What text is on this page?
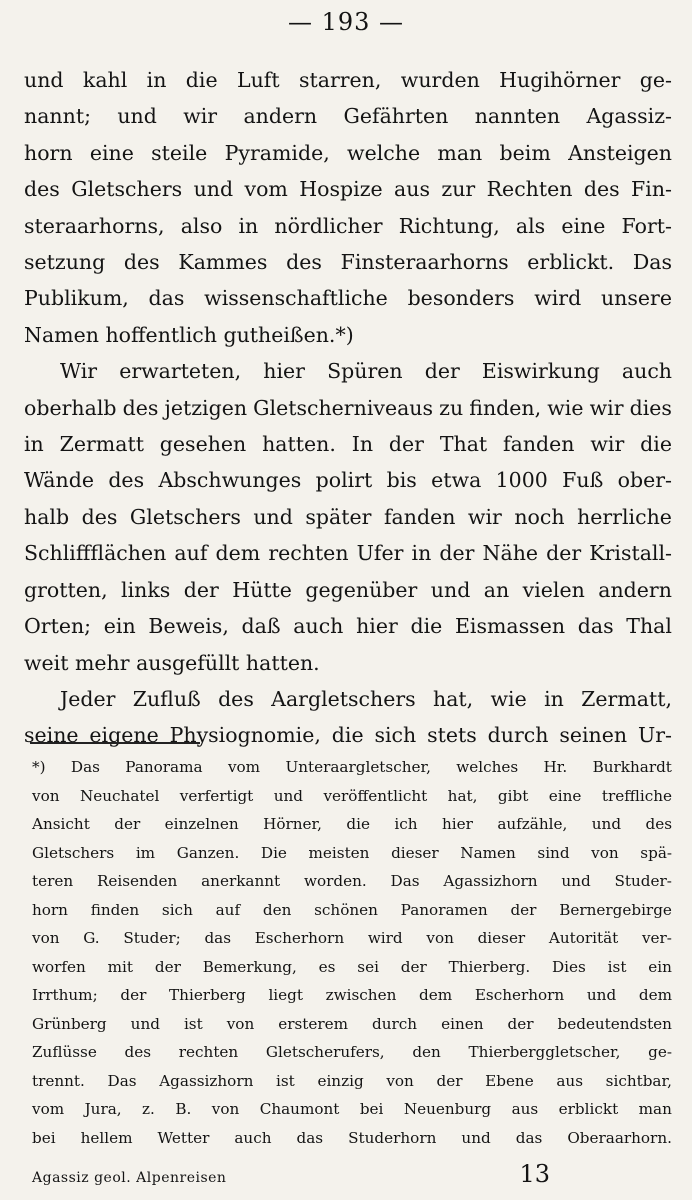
— 193 —
und kahl in die Luft starren, wurden Hugihörner ge-
nannt; und wir andern Gefährten nannten Agassiz-
horn eine steile Pyramide, welche man beim Ansteigen
des Gletschers und vom Hospize aus zur Rechten des Fin-
steraarhorns, also in nördlicher Richtung, als eine Fort-
setzung des Kammes des Finsteraarhorns erblickt. Das
Publikum, das wissenschaftliche besonders wird unsere
Namen hoffentlich gutheißen.*)
Wir erwarteten, hier Spüren der Eiswirkung auch
oberhalb des jetzigen Gletscherniveaus zu finden, wie wir dies
in Zermatt gesehen hatten. In der That fanden wir die
Wände des Abschwunges polirt bis etwa 1000 Fuß ober-
halb des Gletschers und später fanden wir noch herrliche
Schliffflächen auf dem rechten Ufer in der Nähe der Kristall-
grotten, links der Hütte gegenüber und an vielen andern
Orten; ein Beweis, daß auch hier die Eismassen das Thal
weit mehr ausgefüllt hatten.
Jeder Zufluß des Aargletschers hat, wie in Zermatt,
seine eigene Physiognomie, die sich stets durch seinen Ur-
*) Das Panorama vom Unteraargletscher, welches Hr. Burkhardt
von Neuchatel verfertigt und veröffentlicht hat, gibt eine treffliche
Ansicht der einzelnen Hörner, die ich hier aufzähle, und des
Gletschers im Ganzen. Die meisten dieser Namen sind von spä-
teren Reisenden anerkannt worden. Das Agassizhorn und Studer-
horn finden sich auf den schönen Panoramen der Bernergebirge
von G. Studer; das Escherhorn wird von dieser Autorität ver-
worfen mit der Bemerkung, es sei der Thierberg. Dies ist ein
Irrthum; der Thierberg liegt zwischen dem Escherhorn und dem
Grünberg und ist von ersterem durch einen der bedeutendsten
Zuflüsse des rechten Gletscherufers, den Thierberggletscher, ge-
trennt. Das Agassizhorn ist einzig von der Ebene aus sichtbar,
vom Jura, z. B. von Chaumont bei Neuenburg aus erblickt man
bei hellem Wetter auch das Studerhorn und das Oberaarhorn.
Agassiz geol. Alpenreisen	13
